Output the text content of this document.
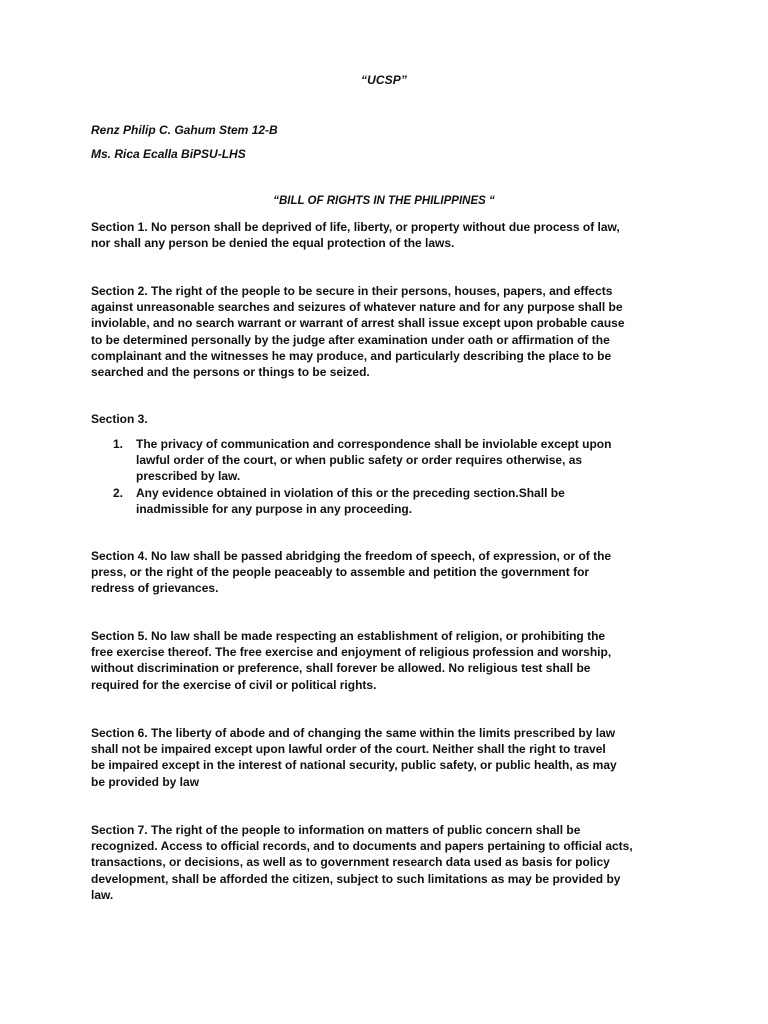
“UCSP”
Renz Philip C. Gahum Stem 12-B
Ms. Rica Ecalla BiPSU-LHS
“BILL OF RIGHTS IN THE PHILIPPINES “

Section 1. No person shall be deprived of life, liberty, or property without due process of law,
nor shall any person be denied the equal protection of the laws.

Section 2. The right of the people to be secure in their persons, houses, papers, and effects
against unreasonable searches and seizures of whatever nature and for any purpose shall be
inviolable, and no search warrant or warrant of arrest shall issue except upon probable cause
to be determined personally by the judge after examination under oath or affirmation of the
complainant and the witnesses he may produce, and particularly describing the place to be
searched and the persons or things to be seized.

Section 3.

1. The privacy of communication and correspondence shall be inviolable except upon
lawful order of the court, or when public safety or order requires otherwise, as
prescribed by law.
2. Any evidence obtained in violation of this or the preceding section.Shall be
inadmissible for any purpose in any proceeding.

Section 4. No law shall be passed abridging the freedom of speech, of expression, or of the
press, or the right of the people peaceably to assemble and petition the government for
redress of grievances.

Section 5. No law shall be made respecting an establishment of religion, or prohibiting the
free exercise thereof. The free exercise and enjoyment of religious profession and worship,
without discrimination or preference, shall forever be allowed. No religious test shall be
required for the exercise of civil or political rights.

Section 6. The liberty of abode and of changing the same within the limits prescribed by law
shall not be impaired except upon lawful order of the court. Neither shall the right to travel
be impaired except in the interest of national security, public safety, or public health, as may
be provided by law

Section 7. The right of the people to information on matters of public concern shall be
recognized. Access to official records, and to documents and papers pertaining to official acts,
transactions, or decisions, as well as to government research data used as basis for policy
development, shall be afforded the citizen, subject to such limitations as may be provided by
law.
